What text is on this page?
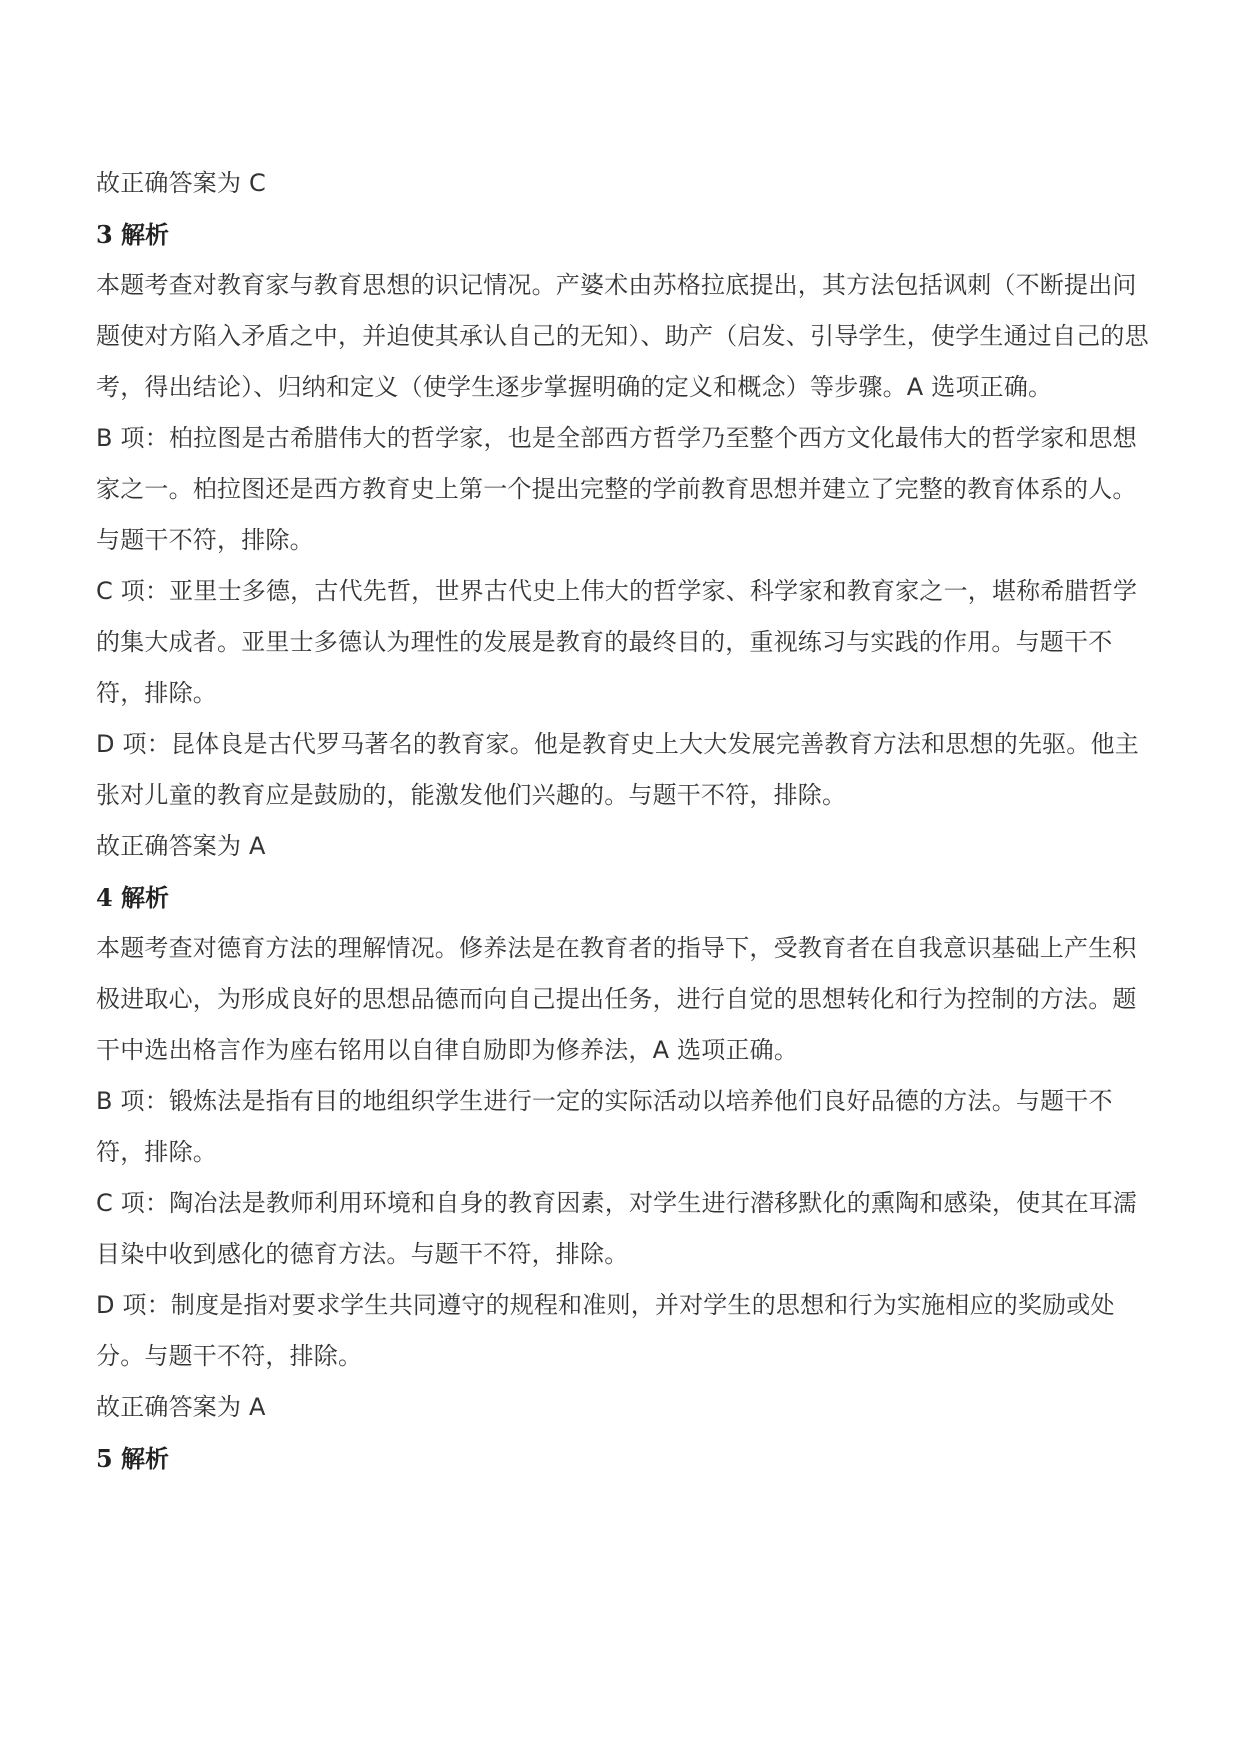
故正确答案为 C

3 解析

本题考查对教育家与教育思想的识记情况。产婆术由苏格拉底提出，其方法包括讽刺（不断提出问题使对方陷入矛盾之中，并迫使其承认自己的无知）、助产（启发、引导学生，使学生通过自己的思考，得出结论）、归纳和定义（使学生逐步掌握明确的定义和概念）等步骤。A 选项正确。

B 项：柏拉图是古希腊伟大的哲学家，也是全部西方哲学乃至整个西方文化最伟大的哲学家和思想家之一。柏拉图还是西方教育史上第一个提出完整的学前教育思想并建立了完整的教育体系的人。与题干不符，排除。

C 项：亚里士多德，古代先哲，世界古代史上伟大的哲学家、科学家和教育家之一，堪称希腊哲学的集大成者。亚里士多德认为理性的发展是教育的最终目的，重视练习与实践的作用。与题干不符，排除。

D 项：昆体良是古代罗马著名的教育家。他是教育史上大大发展完善教育方法和思想的先驱。他主张对儿童的教育应是鼓励的，能激发他们兴趣的。与题干不符，排除。

故正确答案为 A

4 解析

本题考查对德育方法的理解情况。修养法是在教育者的指导下，受教育者在自我意识基础上产生积极进取心，为形成良好的思想品德而向自己提出任务，进行自觉的思想转化和行为控制的方法。题干中选出格言作为座右铭用以自律自励即为修养法，A 选项正确。

B 项：锻炼法是指有目的地组织学生进行一定的实际活动以培养他们良好品德的方法。与题干不符，排除。

C 项：陶冶法是教师利用环境和自身的教育因素，对学生进行潜移默化的熏陶和感染，使其在耳濡目染中收到感化的德育方法。与题干不符，排除。

D 项：制度是指对要求学生共同遵守的规程和准则，并对学生的思想和行为实施相应的奖励或处分。与题干不符，排除。

故正确答案为 A

5 解析
